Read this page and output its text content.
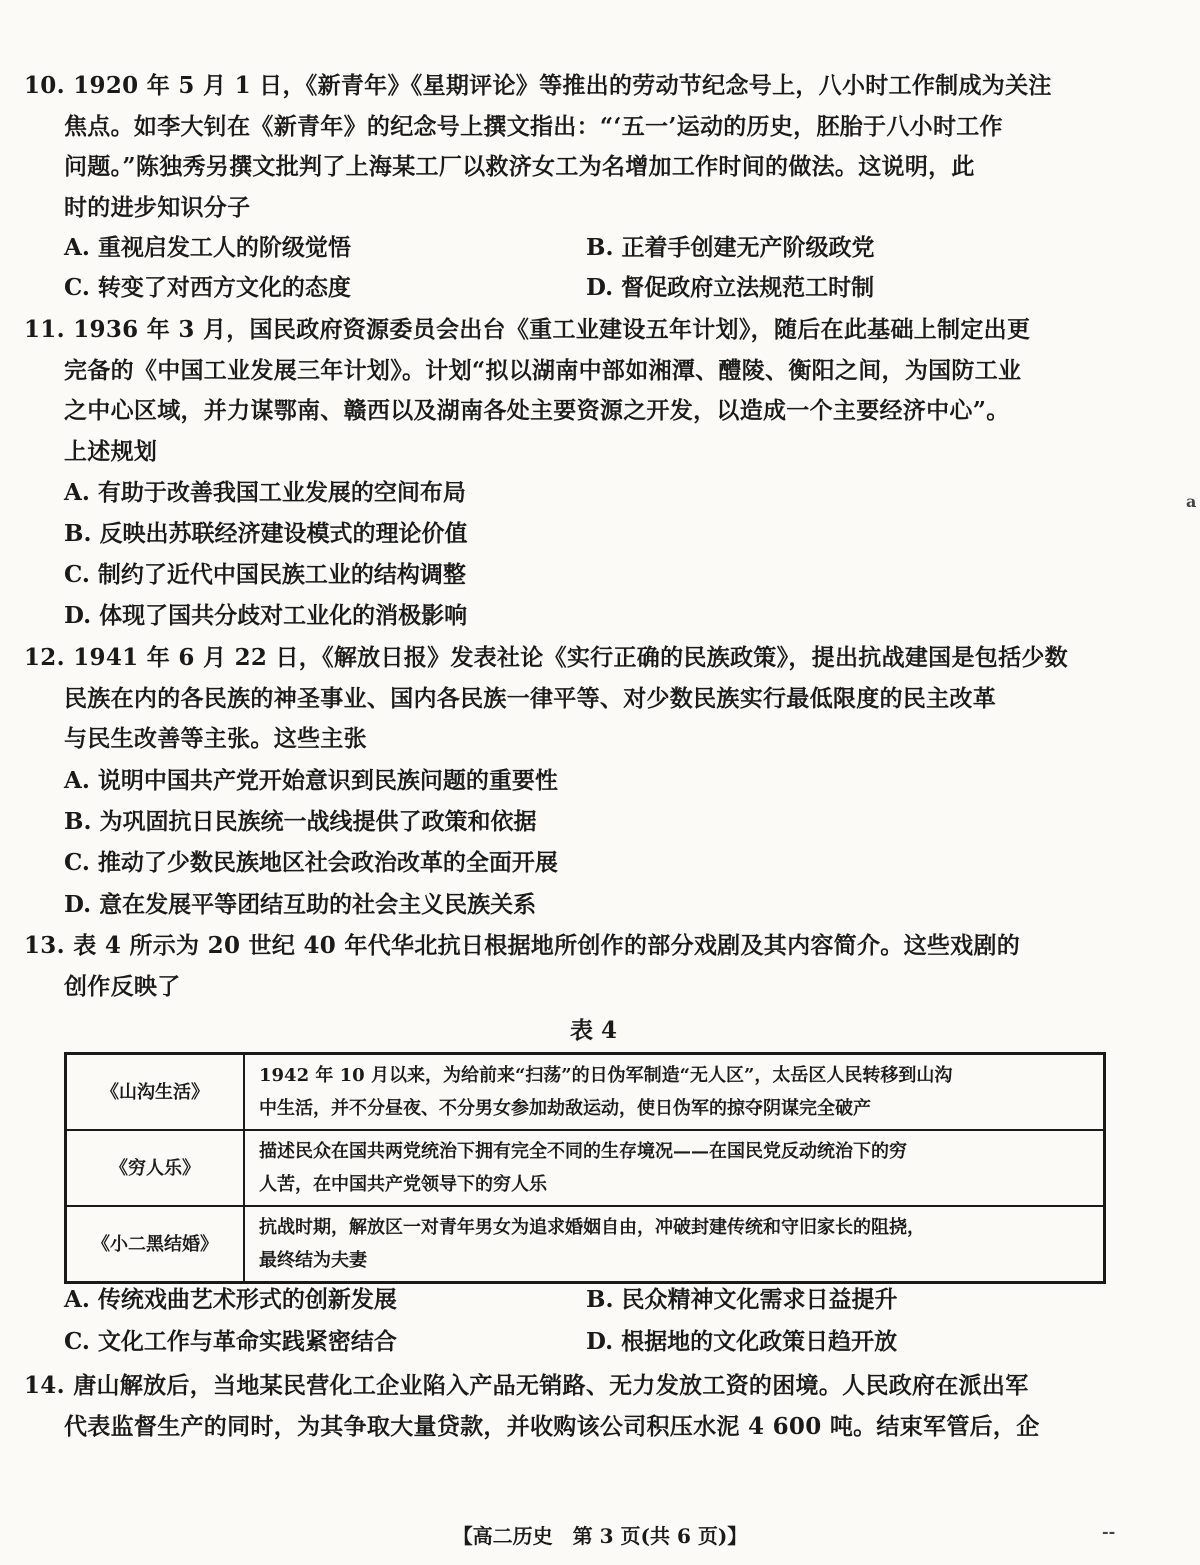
10. 1920 年 5 月 1 日，《新青年》《星期评论》等推出的劳动节纪念号上，八小时工作制成为关注
焦点。如李大钊在《新青年》的纪念号上撰文指出：“‘五一’运动的历史，胚胎于八小时工作
问题。”陈独秀另撰文批判了上海某工厂以救济女工为名增加工作时间的做法。这说明，此
时的进步知识分子
A. 重视启发工人的阶级觉悟	B. 正着手创建无产阶级政党
C. 转变了对西方文化的态度	D. 督促政府立法规范工时制
11. 1936 年 3 月，国民政府资源委员会出台《重工业建设五年计划》，随后在此基础上制定出更
完备的《中国工业发展三年计划》。计划“拟以湖南中部如湘潭、醴陵、衡阳之间，为国防工业
之中心区域，并力谋鄂南、赣西以及湖南各处主要资源之开发，以造成一个主要经济中心”。
上述规划
A. 有助于改善我国工业发展的空间布局
B. 反映出苏联经济建设模式的理论价值
C. 制约了近代中国民族工业的结构调整
D. 体现了国共分歧对工业化的消极影响
12. 1941 年 6 月 22 日，《解放日报》发表社论《实行正确的民族政策》，提出抗战建国是包括少数
民族在内的各民族的神圣事业、国内各民族一律平等、对少数民族实行最低限度的民主改革
与民生改善等主张。这些主张
A. 说明中国共产党开始意识到民族问题的重要性
B. 为巩固抗日民族统一战线提供了政策和依据
C. 推动了少数民族地区社会政治改革的全面开展
D. 意在发展平等团结互助的社会主义民族关系
13. 表 4 所示为 20 世纪 40 年代华北抗日根据地所创作的部分戏剧及其内容简介。这些戏剧的
创作反映了
表 4
《山沟生活》	1942 年 10 月以来，为给前来“扫荡”的日伪军制造“无人区”，太岳区人民转移到山沟
中生活，并不分昼夜、不分男女参加劫敌运动，使日伪军的掠夺阴谋完全破产

《穷人乐》	描述民众在国共两党统治下拥有完全不同的生存境况——在国民党反动统治下的穷
人苦，在中国共产党领导下的穷人乐

《小二黑结婚》	抗战时期，解放区一对青年男女为追求婚姻自由，冲破封建传统和守旧家长的阻挠，
最终结为夫妻
A. 传统戏曲艺术形式的创新发展	B. 民众精神文化需求日益提升
C. 文化工作与革命实践紧密结合	D. 根据地的文化政策日趋开放
14. 唐山解放后，当地某民营化工企业陷入产品无销路、无力发放工资的困境。人民政府在派出军
代表监督生产的同时，为其争取大量贷款，并收购该公司积压水泥 4 600 吨。结束军管后，企
【高二历史　第 3 页(共 6 页)】
a
--
